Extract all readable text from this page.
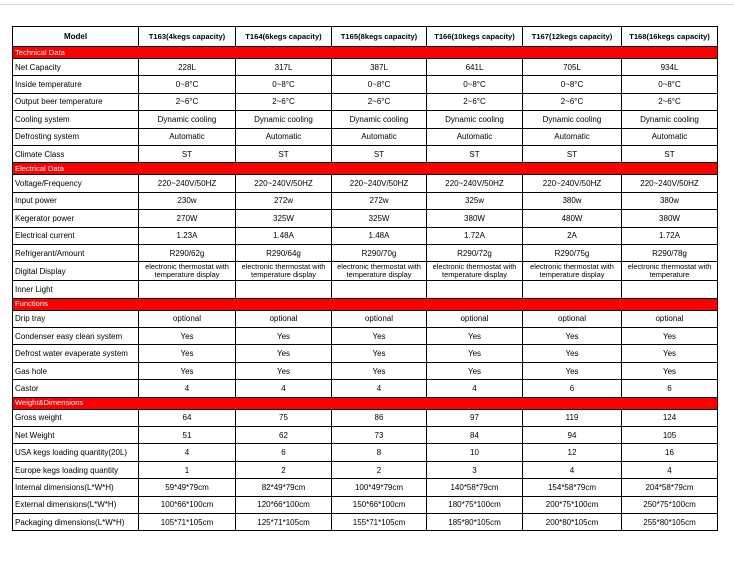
Model	T163(4kegs capacity)	T164(6kegs capacity)	T165(8kegs capacity)	T166(10kegs capacity)	T167(12kegs capacity)	T168(16kegs capacity)
Technical Data						
Net Capacity	228L	317L	387L	641L	705L	934L
Inside temperature	0~8°C	0~8°C	0~8°C	0~8°C	0~8°C	0~8°C
Output beer temperature	2~6°C	2~6°C	2~6°C	2~6°C	2~6°C	2~6°C
Cooling system	Dynamic cooling	Dynamic cooling	Dynamic cooling	Dynamic cooling	Dynamic cooling	Dynamic cooling
Defrosting system	Automatic	Automatic	Automatic	Automatic	Automatic	Automatic
Climate Class	ST	ST	ST	ST	ST	ST
Electrical Data						
Voltage/Frequency	220~240V/50HZ	220~240V/50HZ	220~240V/50HZ	220~240V/50HZ	220~240V/50HZ	220~240V/50HZ
Input power	230w	272w	272w	325w	380w	380w
Kegerator power	270W	325W	325W	380W	480W	380W
Electrical current	1.23A	1.48A	1.48A	1.72A	2A	1.72A
Refrigerant/Amount	R290/62g	R290/64g	R290/70g	R290/72g	R290/75g	R290/78g
Digital Display	electronic thermostat with temperature display	electronic thermostat with temperature display	electronic thermostat with temperature display	electronic thermostat with temperature display	electronic thermostat with temperature display	electronic thermostat with temperature
Inner Light						
Functions						
Drip tray	optional	optional	optional	optional	optional	optional
Condenser easy clean system	Yes	Yes	Yes	Yes	Yes	Yes
Defrost water evaperate system	Yes	Yes	Yes	Yes	Yes	Yes
Gas hole	Yes	Yes	Yes	Yes	Yes	Yes
Castor	4	4	4	4	6	6
Weight&Dimensions						
Gross weight	64	75	86	97	119	124
Net Weight	51	62	73	84	94	105
USA kegs loading quantity(20L)	4	6	8	10	12	16
Europe kegs loading quantity	1	2	2	3	4	4
Internal dimensions(L*W*H)	59*49*79cm	82*49*79cm	100*49*79cm	140*58*79cm	154*58*79cm	204*58*79cm
External dimensions(L*W*H)	100*66*100cm	120*66*100cm	150*66*100cm	180*75*100cm	200*75*100cm	250*75*100cm
Packaging dimensions(L*W*H)	105*71*105cm	125*71*105cm	155*71*105cm	185*80*105cm	200*80*105cm	255*80*105cm
